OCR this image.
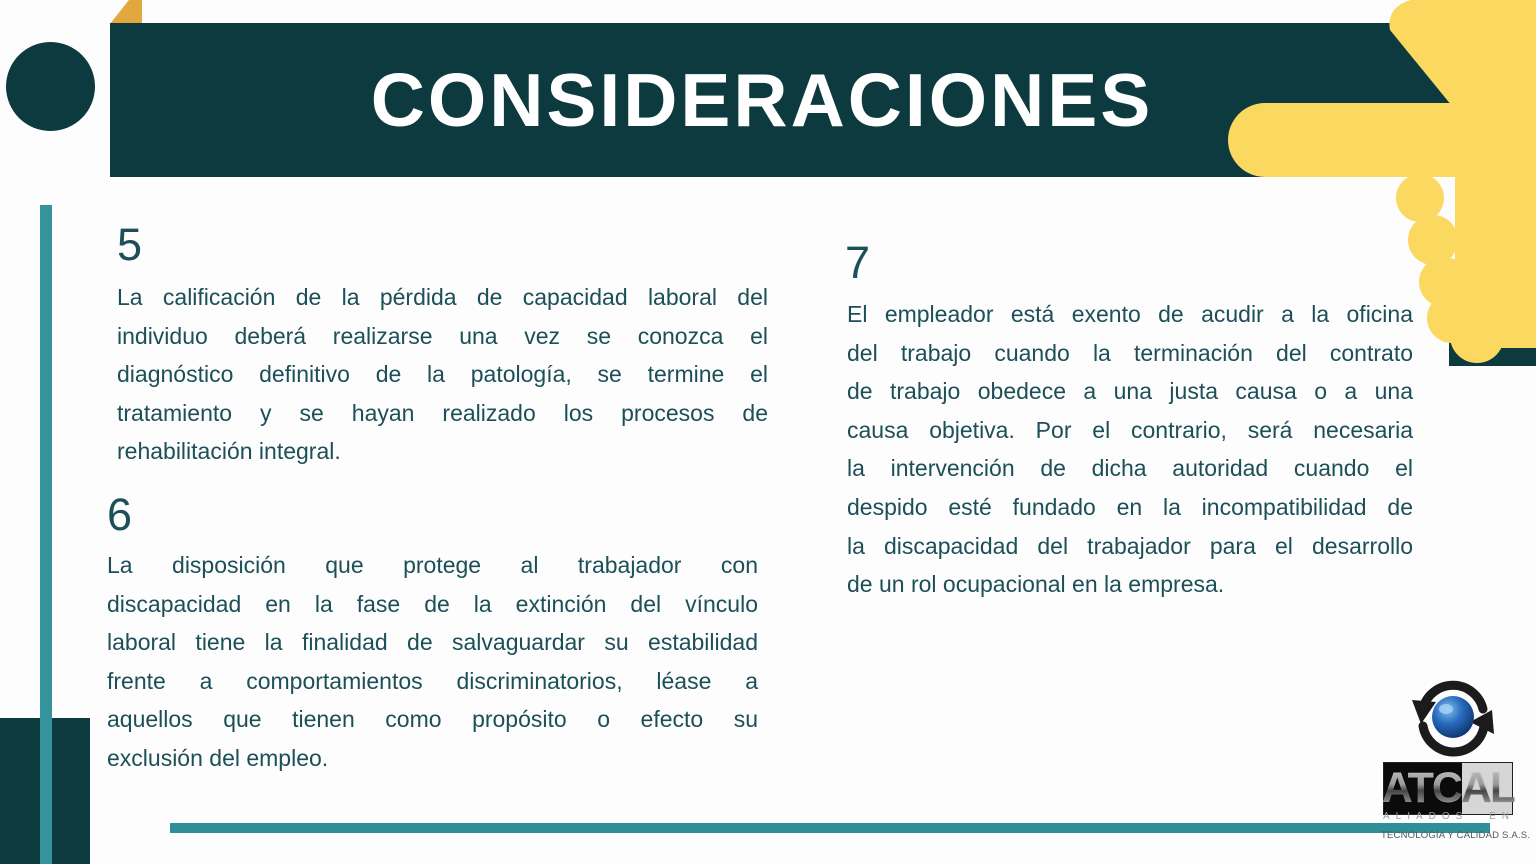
CONSIDERACIONES
5
La calificación de la pérdida de capacidad laboral del
individuo deberá realizarse una vez se conozca el
diagnóstico definitivo de la patología, se termine el
tratamiento y se hayan realizado los procesos de
rehabilitación integral.
6
La disposición que protege al trabajador con
discapacidad en la fase de la extinción del vínculo
laboral tiene la finalidad de salvaguardar su estabilidad
frente a comportamientos discriminatorios, léase a
aquellos que tienen como propósito o efecto su
exclusión del empleo.
7
El empleador está exento de acudir a la oficina
del trabajo cuando la terminación del contrato
de trabajo obedece a una justa causa o a una
causa objetiva. Por el contrario, será necesaria
la intervención de dicha autoridad cuando el
despido esté fundado en la incompatibilidad de
la discapacidad del trabajador para el desarrollo
de un rol ocupacional en la empresa.
ATCAL
ALIADOS EN
TECNOLOGÍA Y CALIDAD S.A.S.
